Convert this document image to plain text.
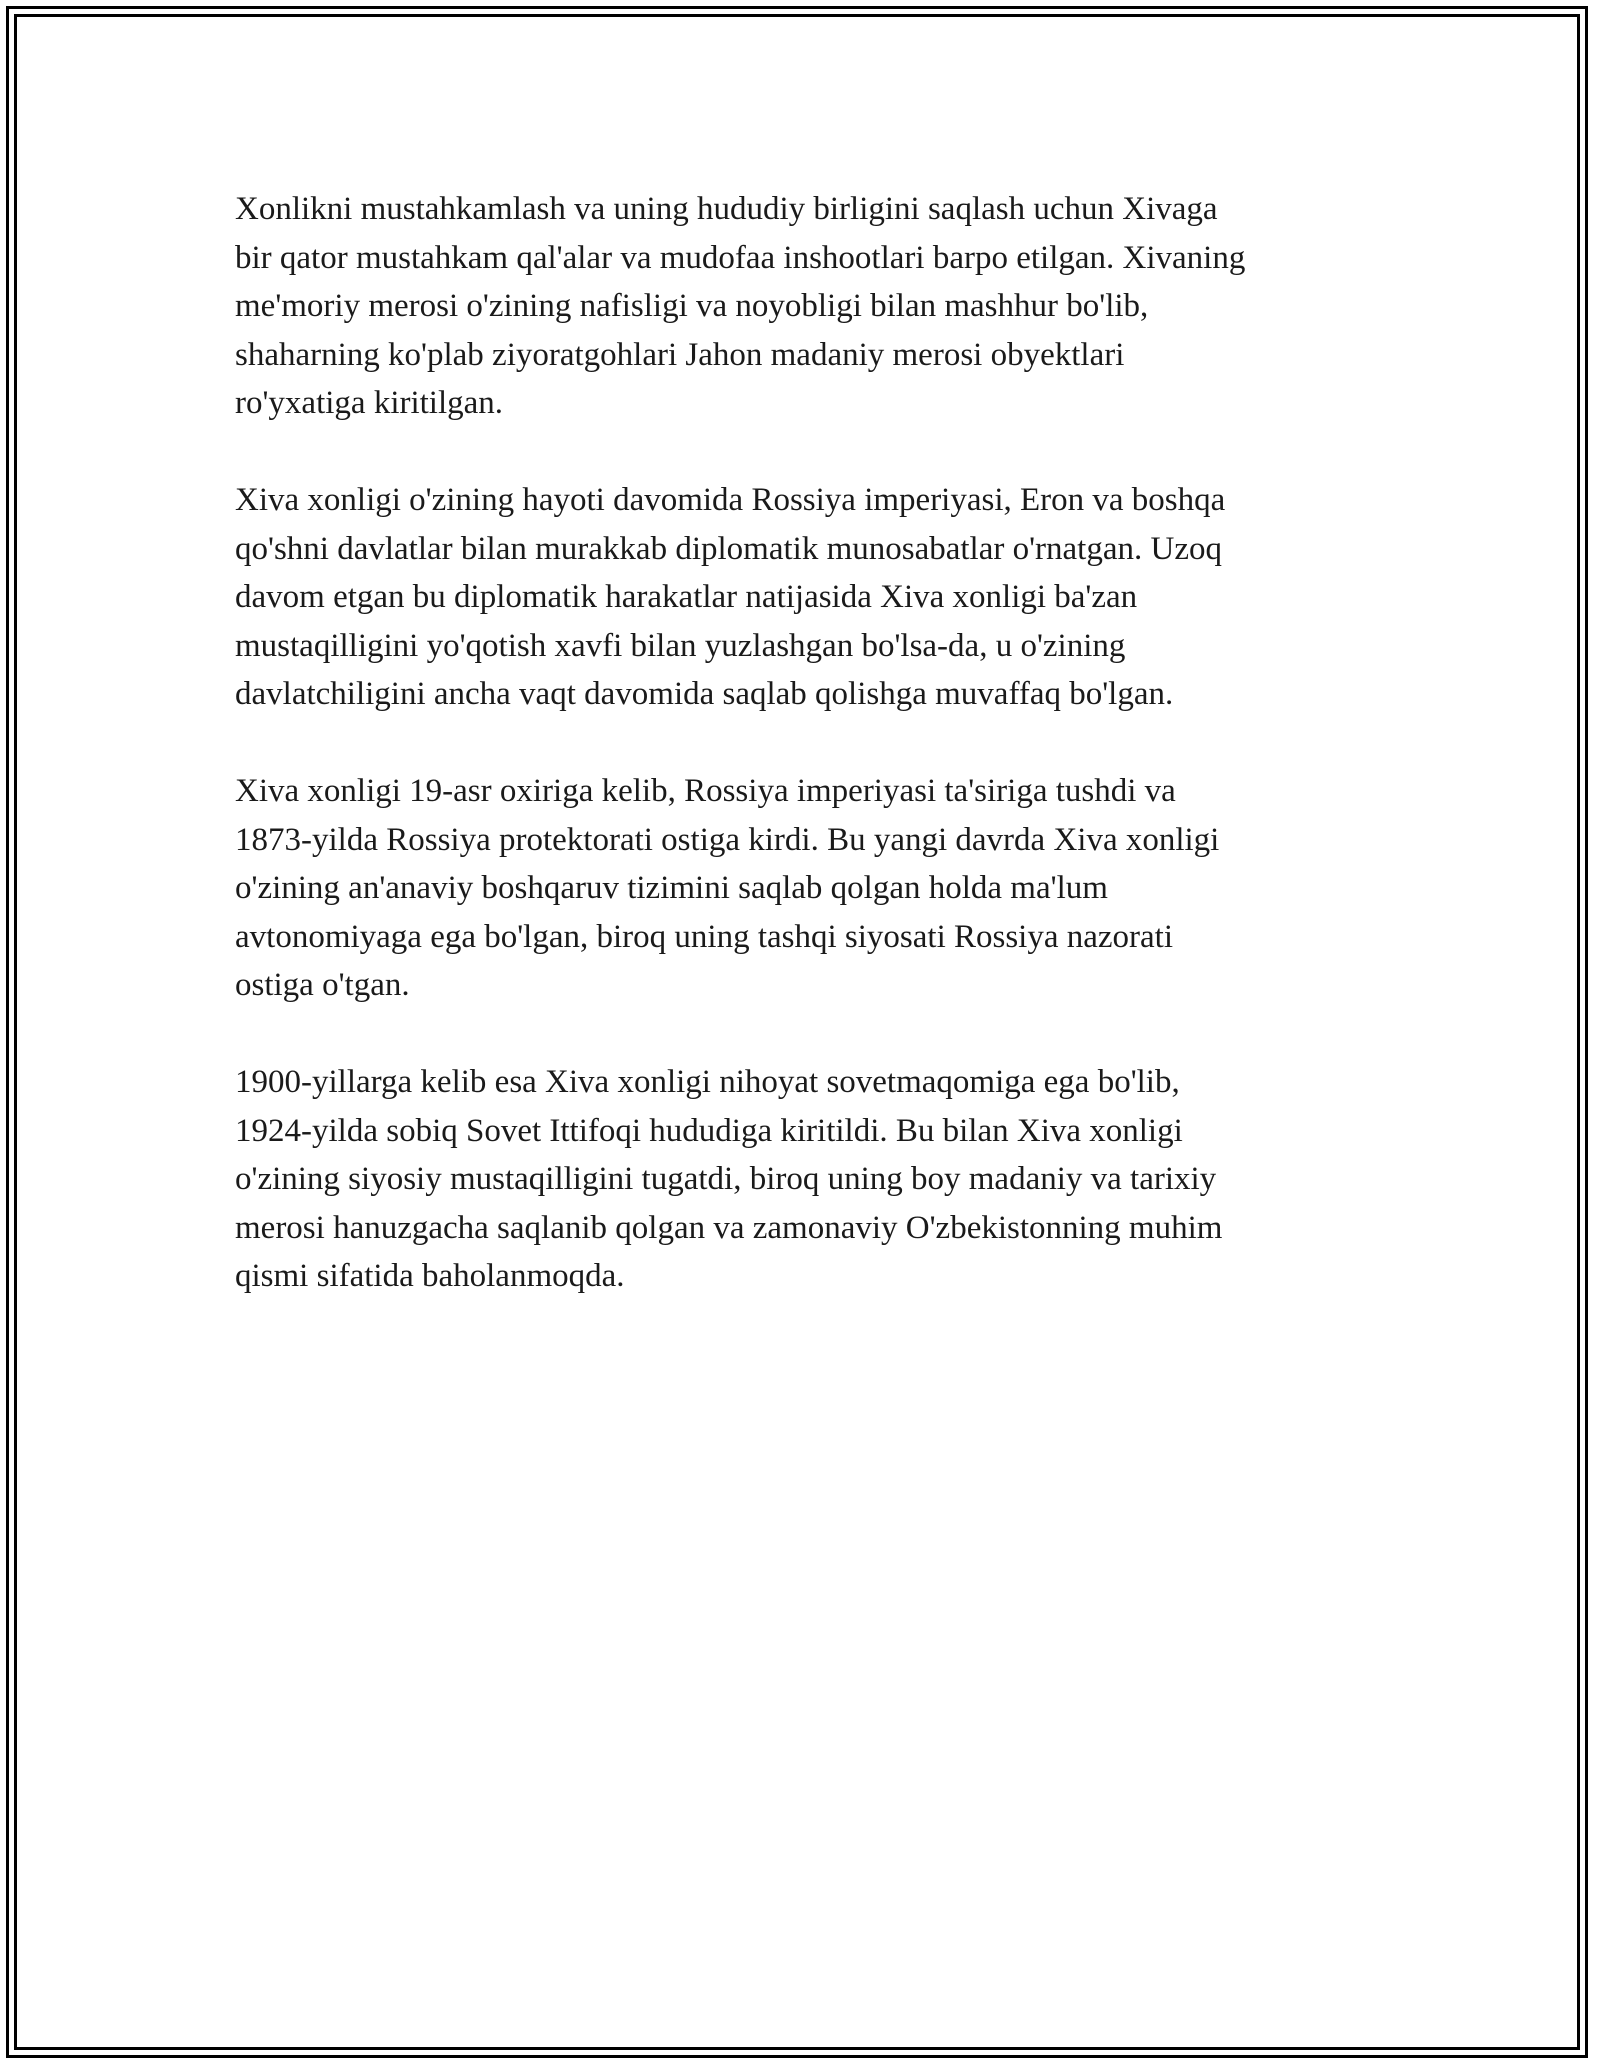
Xonlikni mustahkamlash va uning hududiy birligini saqlash uchun Xivaga
bir qator mustahkam qal'alar va mudofaa inshootlari barpo etilgan. Xivaning
me'moriy merosi o'zining nafisligi va noyobligi bilan mashhur bo'lib,
shaharning ko'plab ziyoratgohlari Jahon madaniy merosi obyektlari
ro'yxatiga kiritilgan.

Xiva xonligi o'zining hayoti davomida Rossiya imperiyasi, Eron va boshqa
qo'shni davlatlar bilan murakkab diplomatik munosabatlar o'rnatgan. Uzoq
davom etgan bu diplomatik harakatlar natijasida Xiva xonligi ba'zan
mustaqilligini yo'qotish xavfi bilan yuzlashgan bo'lsa-da, u o'zining
davlatchiligini ancha vaqt davomida saqlab qolishga muvaffaq bo'lgan.

Xiva xonligi 19-asr oxiriga kelib, Rossiya imperiyasi ta'siriga tushdi va
1873-yilda Rossiya protektorati ostiga kirdi. Bu yangi davrda Xiva xonligi
o'zining an'anaviy boshqaruv tizimini saqlab qolgan holda ma'lum
avtonomiyaga ega bo'lgan, biroq uning tashqi siyosati Rossiya nazorati
ostiga o'tgan.

1900-yillarga kelib esa Xiva xonligi nihoyat sovetmaqomiga ega bo'lib,
1924-yilda sobiq Sovet Ittifoqi hududiga kiritildi. Bu bilan Xiva xonligi
o'zining siyosiy mustaqilligini tugatdi, biroq uning boy madaniy va tarixiy
merosi hanuzgacha saqlanib qolgan va zamonaviy O'zbekistonning muhim
qismi sifatida baholanmoqda.
